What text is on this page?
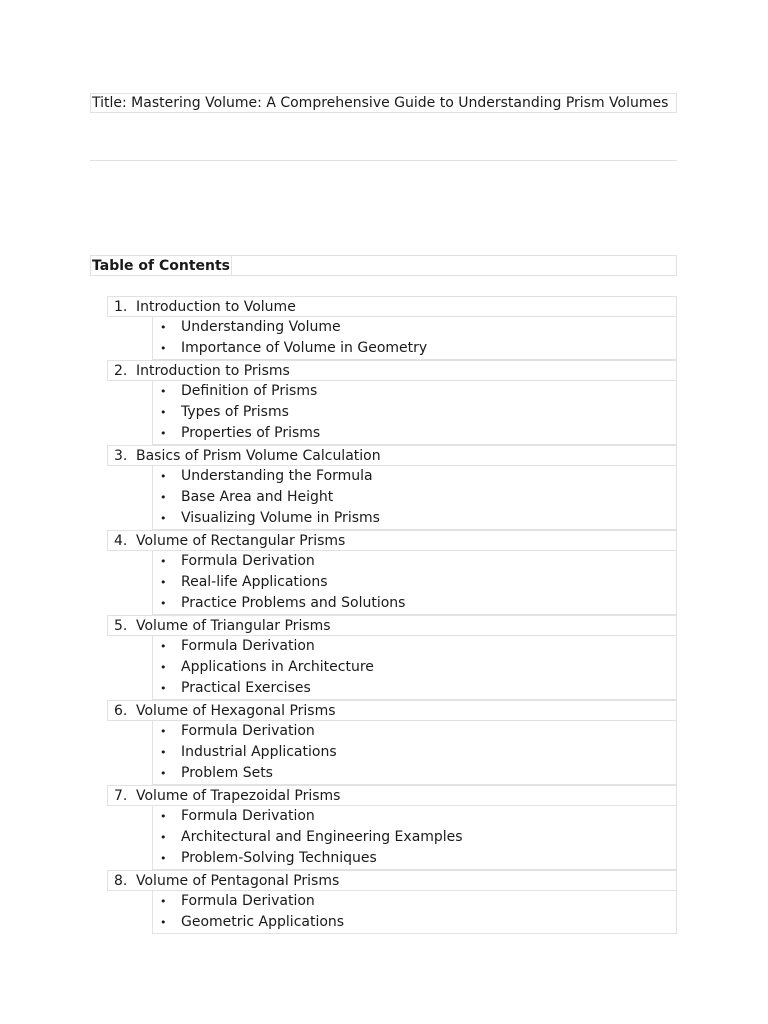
Title: Mastering Volume: A Comprehensive Guide to Understanding Prism Volumes
Table of Contents
1. Introduction to Volume
• Understanding Volume
• Importance of Volume in Geometry
2. Introduction to Prisms
• Definition of Prisms
• Types of Prisms
• Properties of Prisms
3. Basics of Prism Volume Calculation
• Understanding the Formula
• Base Area and Height
• Visualizing Volume in Prisms
4. Volume of Rectangular Prisms
• Formula Derivation
• Real-life Applications
• Practice Problems and Solutions
5. Volume of Triangular Prisms
• Formula Derivation
• Applications in Architecture
• Practical Exercises
6. Volume of Hexagonal Prisms
• Formula Derivation
• Industrial Applications
• Problem Sets
7. Volume of Trapezoidal Prisms
• Formula Derivation
• Architectural and Engineering Examples
• Problem-Solving Techniques
8. Volume of Pentagonal Prisms
• Formula Derivation
• Geometric Applications
